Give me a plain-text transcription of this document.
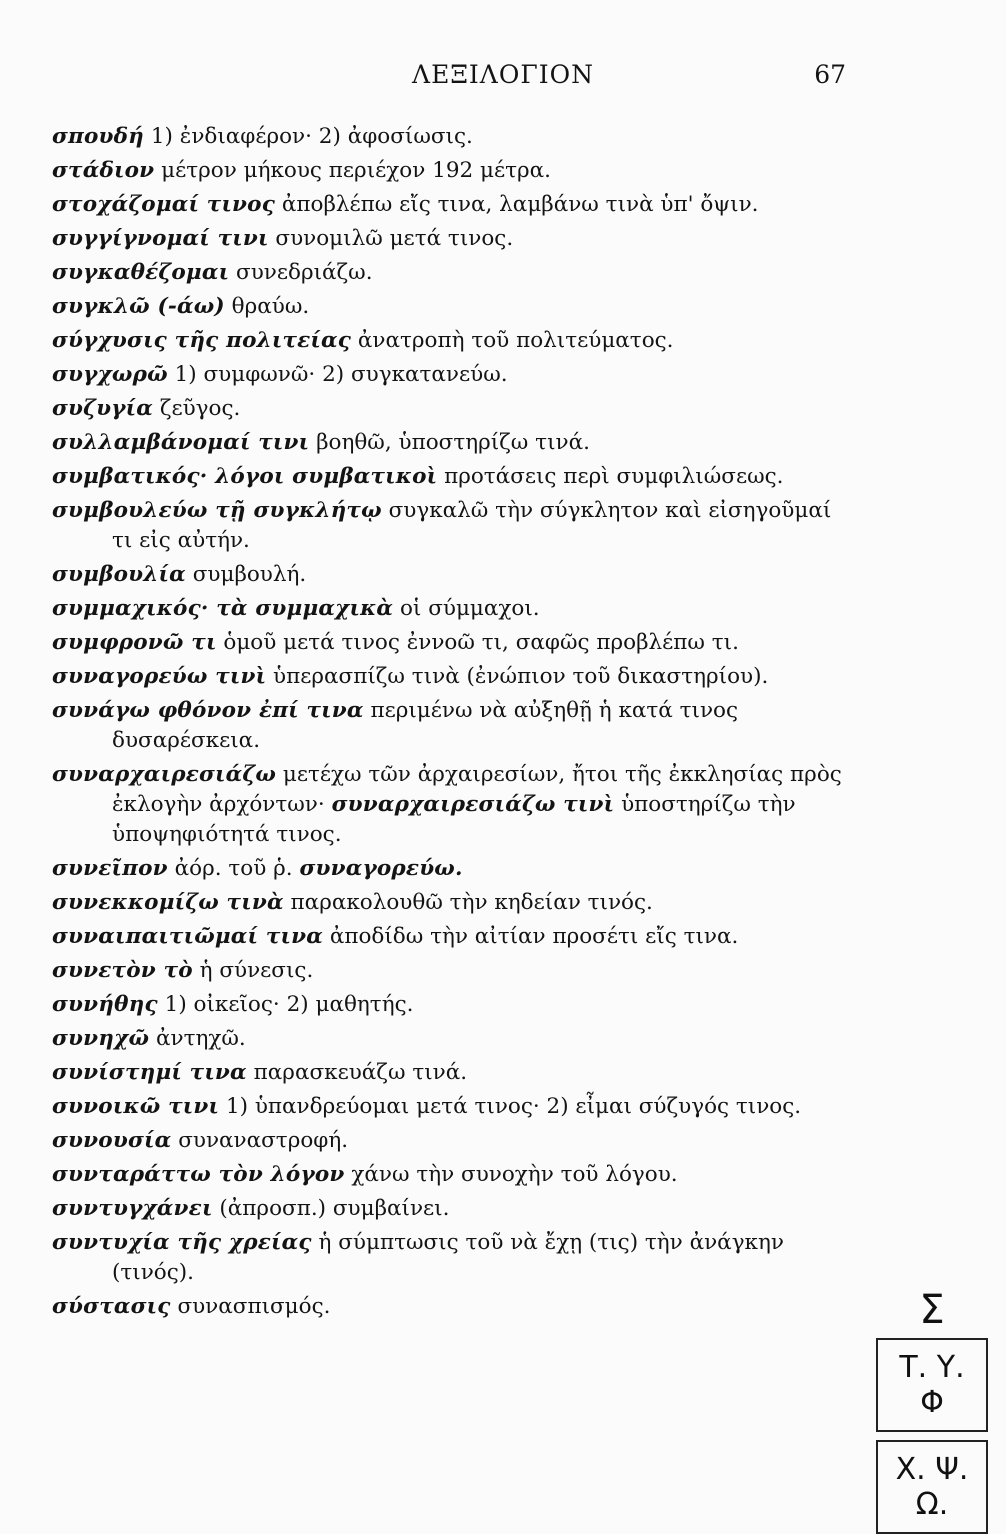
ΛΕΞΙΛΟΓΙΟΝ	67
σπουδή 1) ἐνδιαφέρον· 2) ἀφοσίωσις.
στάδιον μέτρον μήκους περιέχον 192 μέτρα.
στοχάζομαί τινος ἀποβλέπω εἴς τινα, λαμβάνω τινὰ ὑπ' ὄψιν.
συγγίγνομαί τινι συνομιλῶ μετά τινος.
συγκαθέζομαι συνεδριάζω.
συγκλῶ (-άω) θραύω.
σύγχυσις τῆς πολιτείας ἀνατροπὴ τοῦ πολιτεύματος.
συγχωρῶ 1) συμφωνῶ· 2) συγκατανεύω.
συζυγία ζεῦγος.
συλλαμβάνομαί τινι βοηθῶ, ὑποστηρίζω τινά.
συμβατικός· λόγοι συμβατικοὶ προτάσεις περὶ συμφιλιώσεως.
συμβουλεύω τῇ συγκλήτῳ συγκαλῶ τὴν σύγκλητον καὶ εἰσηγοῦμαί τι εἰς αὐτήν.
συμβουλία συμβουλή.
συμμαχικός· τὰ συμμαχικὰ οἱ σύμμαχοι.
συμφρονῶ τι ὁμοῦ μετά τινος ἐννοῶ τι, σαφῶς προβλέπω τι.
συναγορεύω τινὶ ὑπερασπίζω τινὰ (ἐνώπιον τοῦ δικαστηρίου).
συνάγω φθόνον ἐπί τινα περιμένω νὰ αὐξηθῇ ἡ κατά τινος δυσαρέσκεια.
συναρχαιρεσιάζω μετέχω τῶν ἀρχαιρεσίων, ἤτοι τῆς ἐκκλησίας πρὸς ἐκλογὴν ἀρχόντων· συναρχαιρεσιάζω τινὶ ὑποστηρίζω τὴν ὑποψηφιότητά τινος.
συνεῖπον ἀόρ. τοῦ ῥ. συναγορεύω.
συνεκκομίζω τινὰ παρακολουθῶ τὴν κηδείαν τινός.
συναιπαιτιῶμαί τινα ἀποδίδω τὴν αἰτίαν προσέτι εἴς τινα.
συνετὸν τὸ ἡ σύνεσις.
συνήθης 1) οἰκεῖος· 2) μαθητής.
συνηχῶ ἀντηχῶ.
συνίστημί τινα παρασκευάζω τινά.
συνοικῶ τινι 1) ὑπανδρεύομαι μετά τινος· 2) εἶμαι σύζυγός τινος.
συνουσία συναναστροφή.
συνταράττω τὸν λόγον χάνω τὴν συνοχὴν τοῦ λόγου.
συντυγχάνει (ἀπροσπ.) συμβαίνει.
συντυχία τῆς χρείας ἡ σύμπτωσις τοῦ νὰ ἔχῃ (τις) τὴν ἀνάγκην (τινός).
σύστασις συνασπισμός.	Σ
Τ. Υ. Φ
Χ. Ψ. Ω.
